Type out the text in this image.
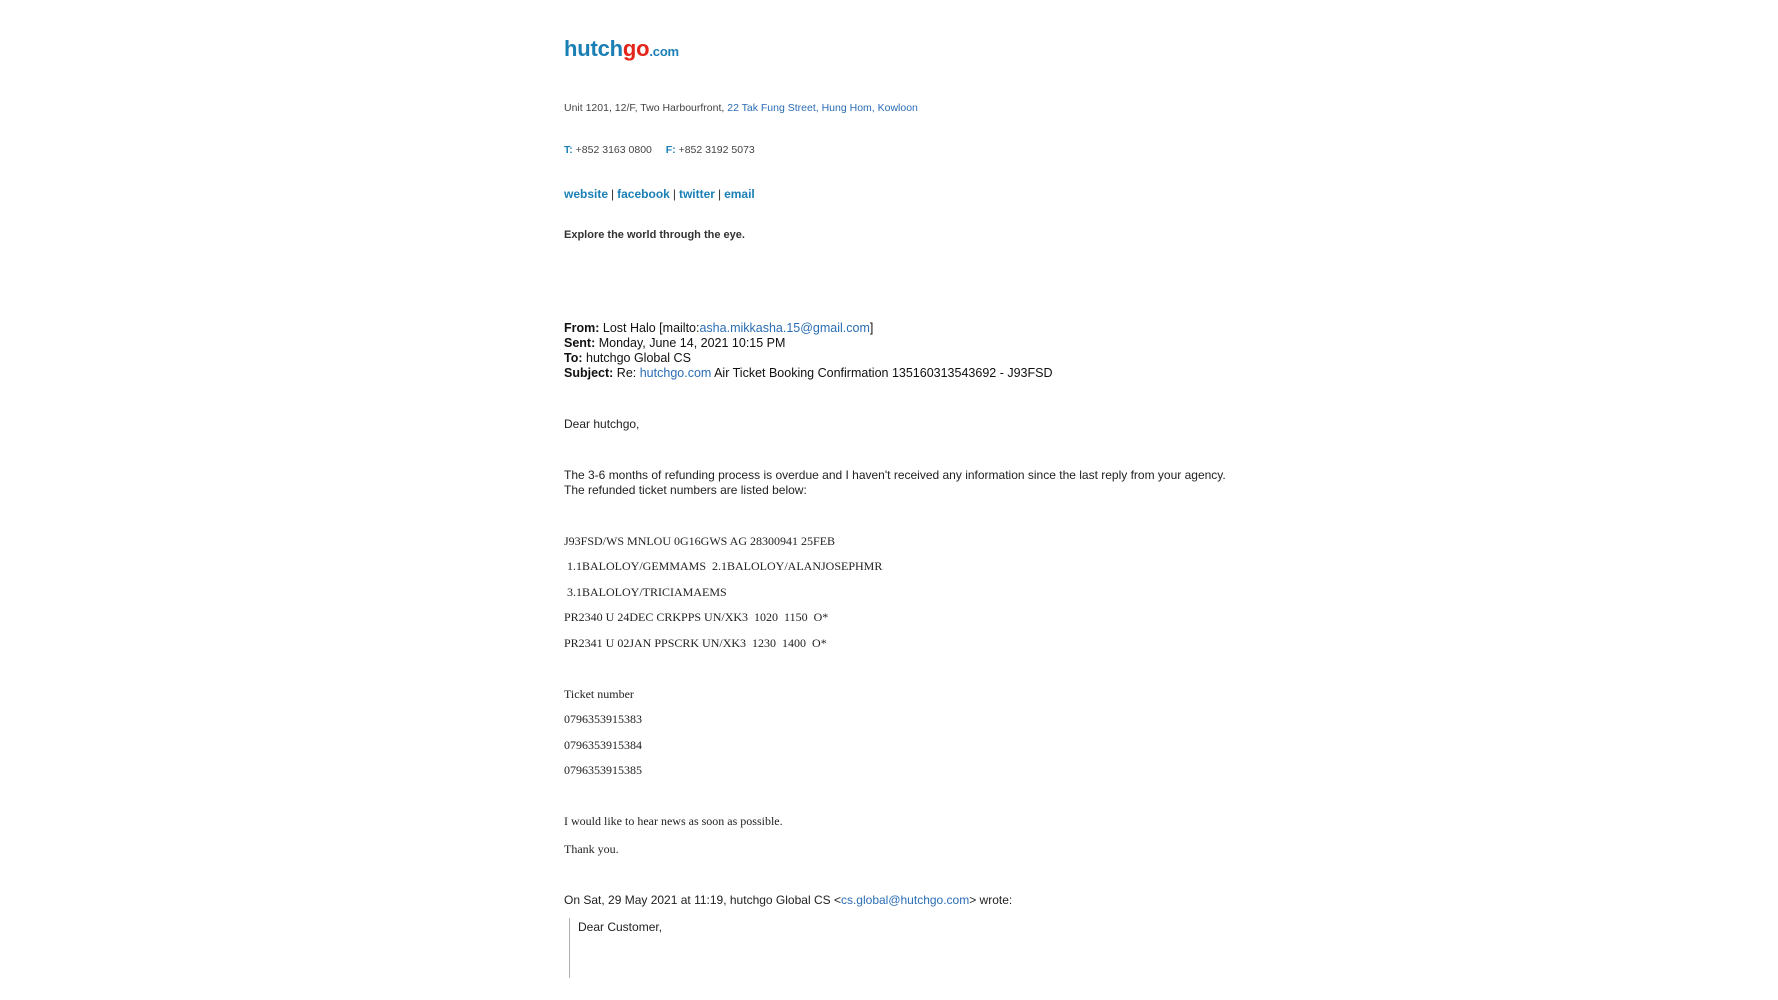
hutchgo.com
Unit 1201, 12/F, Two Harbourfront, 22 Tak Fung Street, Hung Hom, Kowloon
T: +852 3163 0800 F: +852 3192 5073
website | facebook | twitter | email
Explore the world through the eye.
From: Lost Halo [mailto:asha.mikkasha.15@gmail.com]
Sent: Monday, June 14, 2021 10:15 PM
To: hutchgo Global CS
Subject: Re: hutchgo.com Air Ticket Booking Confirmation 135160313543692 - J93FSD
Dear hutchgo,
The 3-6 months of refunding process is overdue and I haven't received any information since the last reply from your agency.
The refunded ticket numbers are listed below:
J93FSD/WS MNLOU 0G16GWS AG 28300941 25FEB
1.1BALOLOY/GEMMAMS  2.1BALOLOY/ALANJOSEPHMR
3.1BALOLOY/TRICIAMAEMS
PR2340 U 24DEC CRKPPS UN/XK3  1020  1150  O*
PR2341 U 02JAN PPSCRK UN/XK3  1230  1400  O*
Ticket number
0796353915383
0796353915384
0796353915385
I would like to hear news as soon as possible.
Thank you.
On Sat, 29 May 2021 at 11:19, hutchgo Global CS <cs.global@hutchgo.com> wrote:
Dear Customer,
